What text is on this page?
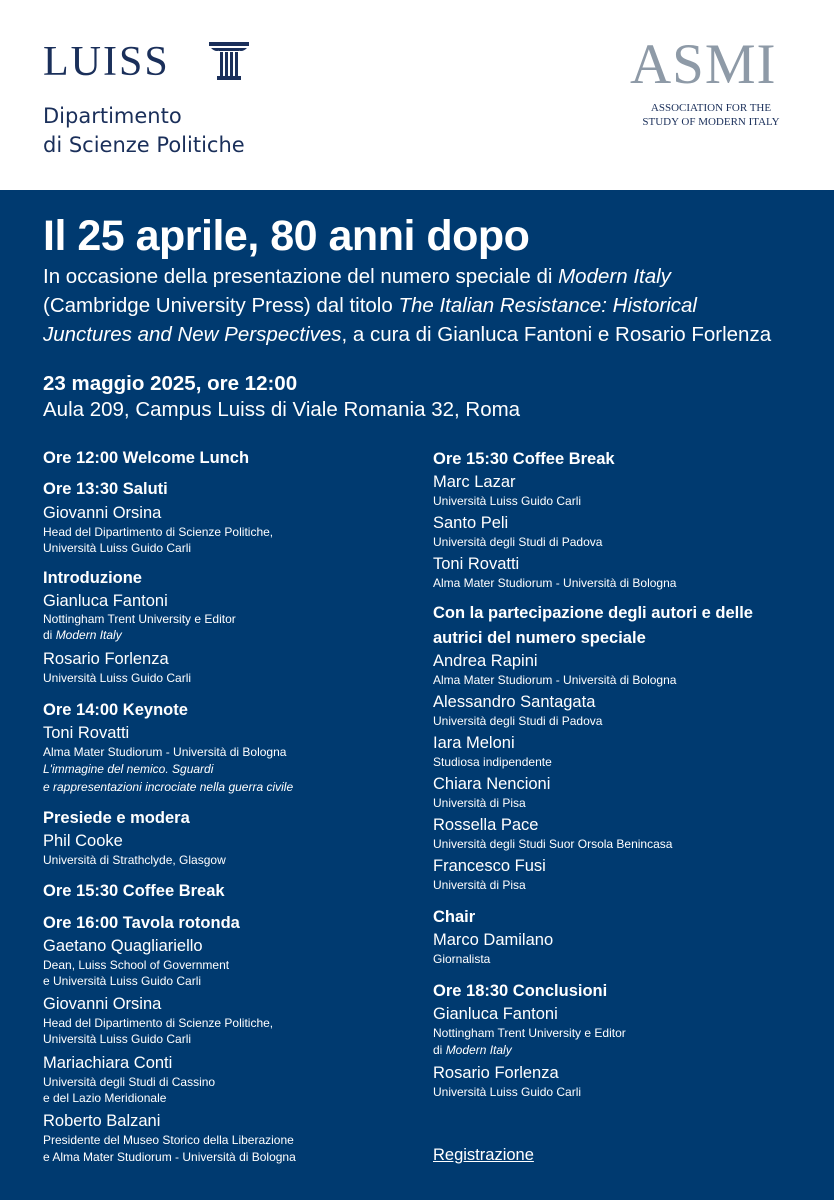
LUISS
Dipartimento
di Scienze Politiche
ASMI
ASSOCIATION FOR THE
STUDY OF MODERN ITALY
Il 25 aprile, 80 anni dopo
In occasione della presentazione del numero speciale di Modern Italy
(Cambridge University Press) dal titolo The Italian Resistance: Historical
Junctures and New Perspectives, a cura di Gianluca Fantoni e Rosario Forlenza
23 maggio 2025, ore 12:00
Aula 209, Campus Luiss di Viale Romania 32, Roma
Ore 12:00 Welcome Lunch
Ore 13:30 Saluti
Giovanni Orsina
Head del Dipartimento di Scienze Politiche,
Università Luiss Guido Carli
Introduzione
Gianluca Fantoni
Nottingham Trent University e Editor
di Modern Italy
Rosario Forlenza
Università Luiss Guido Carli
Ore 14:00 Keynote
Toni Rovatti
Alma Mater Studiorum - Università di Bologna
L'immagine del nemico. Sguardi
e rappresentazioni incrociate nella guerra civile
Presiede e modera
Phil Cooke
Università di Strathclyde, Glasgow
Ore 15:30 Coffee Break
Ore 16:00 Tavola rotonda
Gaetano Quagliariello
Dean, Luiss School of Government
e Università Luiss Guido Carli
Giovanni Orsina
Head del Dipartimento di Scienze Politiche,
Università Luiss Guido Carli
Mariachiara Conti
Università degli Studi di Cassino
e del Lazio Meridionale
Roberto Balzani
Presidente del Museo Storico della Liberazione
e Alma Mater Studiorum - Università di Bologna
Ore 15:30 Coffee Break
Marc Lazar
Università Luiss Guido Carli
Santo Peli
Università degli Studi di Padova
Toni Rovatti
Alma Mater Studiorum - Università di Bologna
Con la partecipazione degli autori e delle
autrici del numero speciale
Andrea Rapini
Alma Mater Studiorum - Università di Bologna
Alessandro Santagata
Università degli Studi di Padova
Iara Meloni
Studiosa indipendente
Chiara Nencioni
Università di Pisa
Rossella Pace
Università degli Studi Suor Orsola Benincasa
Francesco Fusi
Università di Pisa
Chair
Marco Damilano
Giornalista
Ore 18:30 Conclusioni
Gianluca Fantoni
Nottingham Trent University e Editor
di Modern Italy
Rosario Forlenza
Università Luiss Guido Carli
Registrazione
